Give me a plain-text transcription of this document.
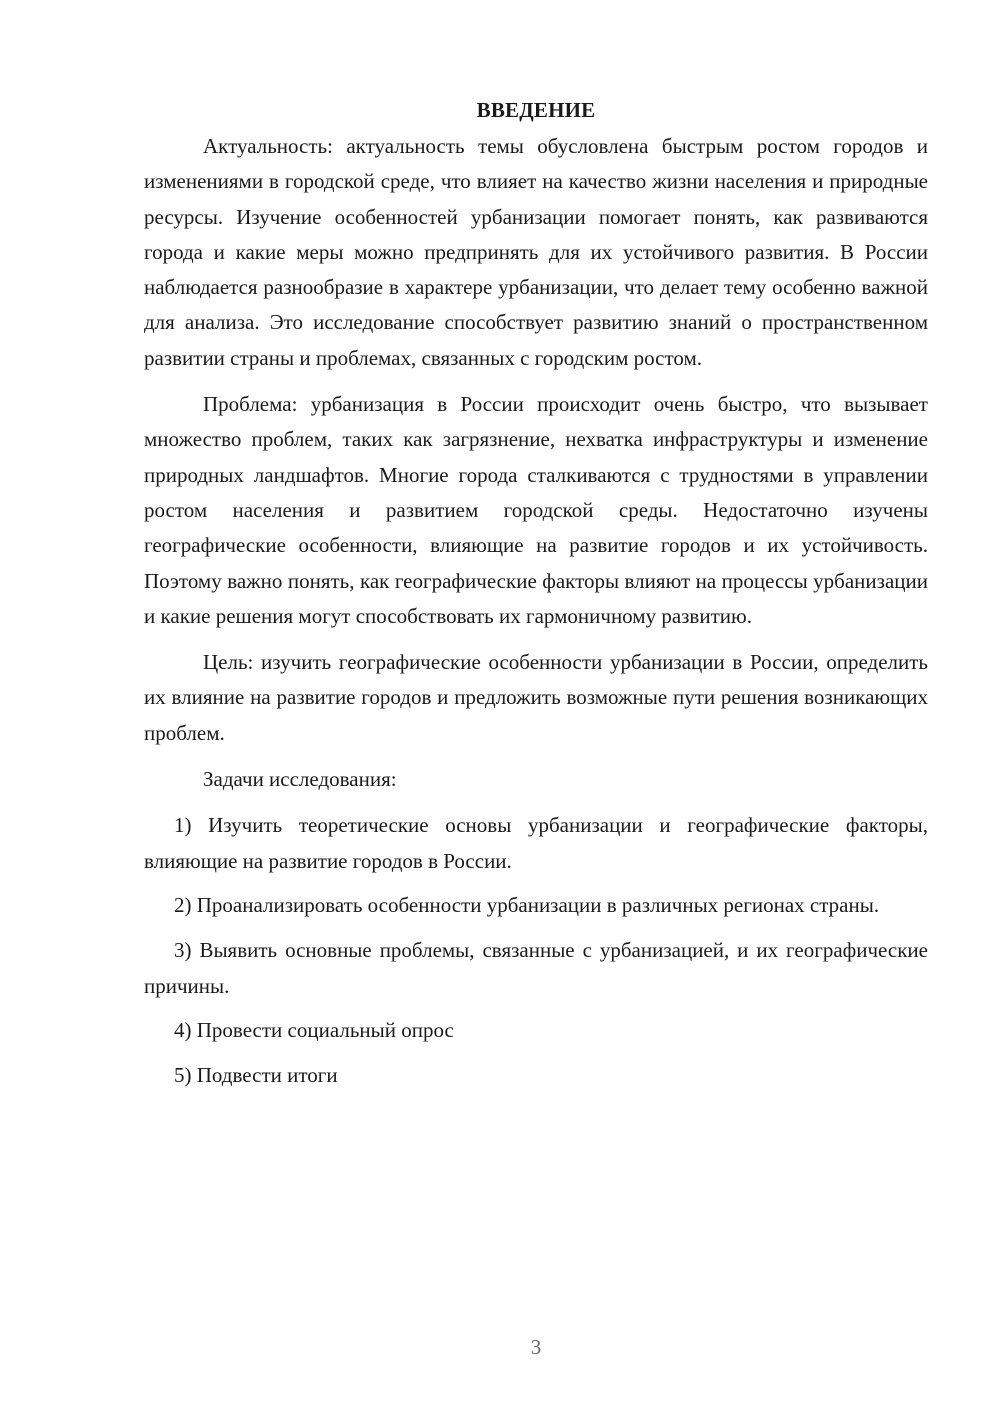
ВВЕДЕНИЕ

Актуальность: актуальность темы обусловлена быстрым ростом городов и изменениями в городской среде, что влияет на качество жизни населения и природные ресурсы. Изучение особенностей урбанизации помогает понять, как развиваются города и какие меры можно предпринять для их устойчивого развития. В России наблюдается разнообразие в характере урбанизации, что делает тему особенно важной для анализа. Это исследование способствует развитию знаний о пространственном развитии страны и проблемах, связанных с городским ростом.

Проблема: урбанизация в России происходит очень быстро, что вызывает множество проблем, таких как загрязнение, нехватка инфраструктуры и изменение природных ландшафтов. Многие города сталкиваются с трудностями в управлении ростом населения и развитием городской среды. Недостаточно изучены географические особенности, влияющие на развитие городов и их устойчивость. Поэтому важно понять, как географические факторы влияют на процессы урбанизации и какие решения могут способствовать их гармоничному развитию.

Цель: изучить географические особенности урбанизации в России, определить их влияние на развитие городов и предложить возможные пути решения возникающих проблем.

Задачи исследования:

1) Изучить теоретические основы урбанизации и географические факторы, влияющие на развитие городов в России.

2) Проанализировать особенности урбанизации в различных регионах страны.

3) Выявить основные проблемы, связанные с урбанизацией, и их географические причины.

4) Провести социальный опрос

5) Подвести итоги

3
